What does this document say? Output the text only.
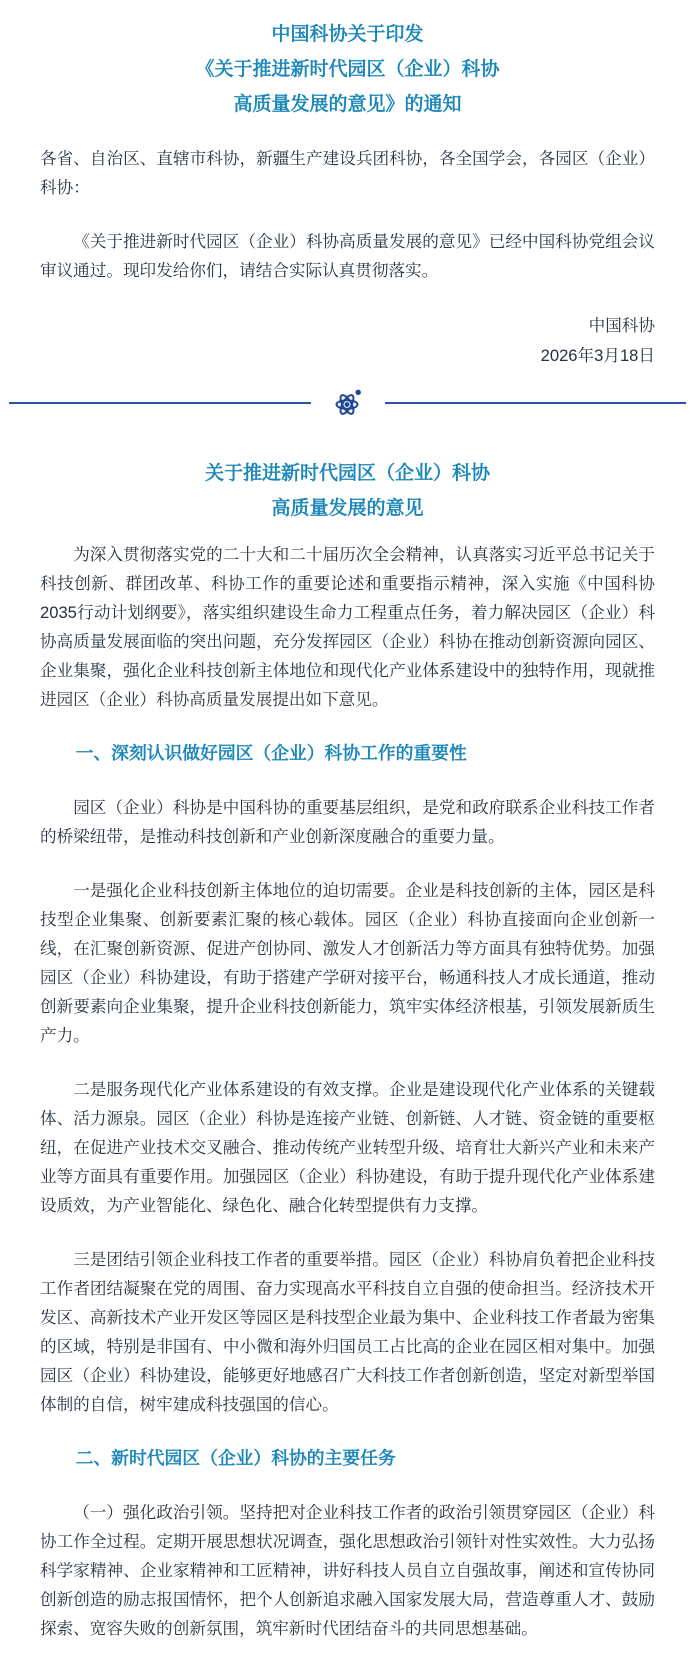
中国科协关于印发
《关于推进新时代园区（企业）科协
高质量发展的意见》的通知

各省、自治区、直辖市科协，新疆生产建设兵团科协，各全国学会，各园区（企业）科协：

《关于推进新时代园区（企业）科协高质量发展的意见》已经中国科协党组会议审议通过。现印发给你们，请结合实际认真贯彻落实。

中国科协

2026年3月18日

关于推进新时代园区（企业）科协
高质量发展的意见

为深入贯彻落实党的二十大和二十届历次全会精神，认真落实习近平总书记关于科技创新、群团改革、科协工作的重要论述和重要指示精神，深入实施《中国科协2035行动计划纲要》，落实组织建设生命力工程重点任务，着力解决园区（企业）科协高质量发展面临的突出问题，充分发挥园区（企业）科协在推动创新资源向园区、企业集聚，强化企业科技创新主体地位和现代化产业体系建设中的独特作用，现就推进园区（企业）科协高质量发展提出如下意见。

一、深刻认识做好园区（企业）科协工作的重要性

园区（企业）科协是中国科协的重要基层组织，是党和政府联系企业科技工作者的桥梁纽带，是推动科技创新和产业创新深度融合的重要力量。

一是强化企业科技创新主体地位的迫切需要。企业是科技创新的主体，园区是科技型企业集聚、创新要素汇聚的核心载体。园区（企业）科协直接面向企业创新一线，在汇聚创新资源、促进产创协同、激发人才创新活力等方面具有独特优势。加强园区（企业）科协建设，有助于搭建产学研对接平台，畅通科技人才成长通道，推动创新要素向企业集聚，提升企业科技创新能力，筑牢实体经济根基，引领发展新质生产力。

二是服务现代化产业体系建设的有效支撑。企业是建设现代化产业体系的关键载体、活力源泉。园区（企业）科协是连接产业链、创新链、人才链、资金链的重要枢纽，在促进产业技术交叉融合、推动传统产业转型升级、培育壮大新兴产业和未来产业等方面具有重要作用。加强园区（企业）科协建设，有助于提升现代化产业体系建设质效，为产业智能化、绿色化、融合化转型提供有力支撑。

三是团结引领企业科技工作者的重要举措。园区（企业）科协肩负着把企业科技工作者团结凝聚在党的周围、奋力实现高水平科技自立自强的使命担当。经济技术开发区、高新技术产业开发区等园区是科技型企业最为集中、企业科技工作者最为密集的区域，特别是非国有、中小微和海外归国员工占比高的企业在园区相对集中。加强园区（企业）科协建设，能够更好地感召广大科技工作者创新创造，坚定对新型举国体制的自信，树牢建成科技强国的信心。

二、新时代园区（企业）科协的主要任务

（一）强化政治引领。坚持把对企业科技工作者的政治引领贯穿园区（企业）科协工作全过程。定期开展思想状况调查，强化思想政治引领针对性实效性。大力弘扬科学家精神、企业家精神和工匠精神，讲好科技人员自立自强故事，阐述和宣传协同创新创造的励志报国情怀，把个人创新追求融入国家发展大局，营造尊重人才、鼓励探索、宽容失败的创新氛围，筑牢新时代团结奋斗的共同思想基础。
